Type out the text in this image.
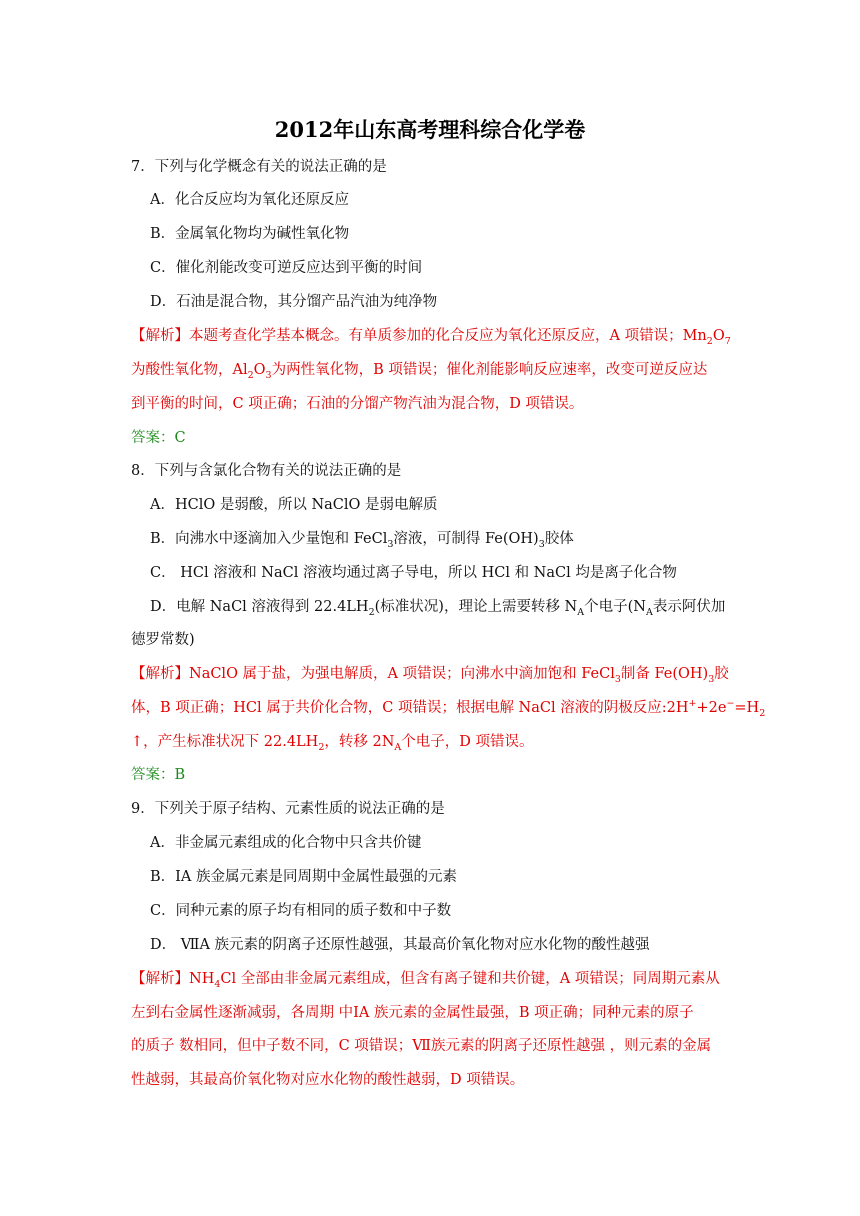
2012年山东高考理科综合化学卷
7．下列与化学概念有关的说法正确的是
A．化合反应均为氧化还原反应
B．金属氧化物均为碱性氧化物
C．催化剂能改变可逆反应达到平衡的时间
D．石油是混合物，其分馏产品汽油为纯净物
【解析】本题考查化学基本概念。有单质参加的化合反应为氧化还原反应，A 项错误；$Mn_2O_7$
为酸性氧化物，$Al_2O_3$为两性氧化物，B 项错误；催化剂能影响反应速率，改变可逆反应达
到平衡的时间，C 项正确；石油的分馏产物汽油为混合物，D 项错误。
答案：C
8．下列与含氯化合物有关的说法正确的是
A．HClO 是弱酸，所以 NaClO 是弱电解质
B．向沸水中逐滴加入少量饱和 FeCl$_3$溶液，可制得 $Fe(OH)_3$胶体
C． HCl 溶液和 NaCl 溶液均通过离子导电，所以 HCl 和 NaCl 均是离子化合物
D．电解 NaCl 溶液得到 $22.4LH_2$(标准状况)，理论上需要转移 $N_A$个电子($N_A$表示阿伏加
德罗常数)
【解析】NaClO 属于盐，为强电解质，A 项错误；向沸水中滴加饱和 FeCl$_3$制备 $Fe(OH)_3$胶
体，B 项正确；HCl 属于共价化合物，C 项错误；根据电解 NaCl 溶液的阴极反应$:2H^++2e^-=H_2$
↑，产生标准状况下 $22.4LH_2$，转移 $2N_A$个电子，D 项错误。
答案：B
9．下列关于原子结构、元素性质的说法正确的是
A．非金属元素组成的化合物中只含共价键
B．IA 族金属元素是同周期中金属性最强的元素
C．同种元素的原子均有相同的质子数和中子数
D． ⅦA 族元素的阴离子还原性越强，其最高价氧化物对应水化物的酸性越强
【解析】$NH_4Cl$ 全部由非金属元素组成，但含有离子键和共价键，A 项错误；同周期元素从
左到右金属性逐渐减弱，各周期 中ⅠA 族元素的金属性最强，B 项正确；同种元素的原子
的质子 数相同，但中子数不同，C 项错误；Ⅶ族元素的阴离子还原性越强 ，则元素的金属
性越弱，其最高价氧化物对应水化物的酸性越弱，D 项错误。
